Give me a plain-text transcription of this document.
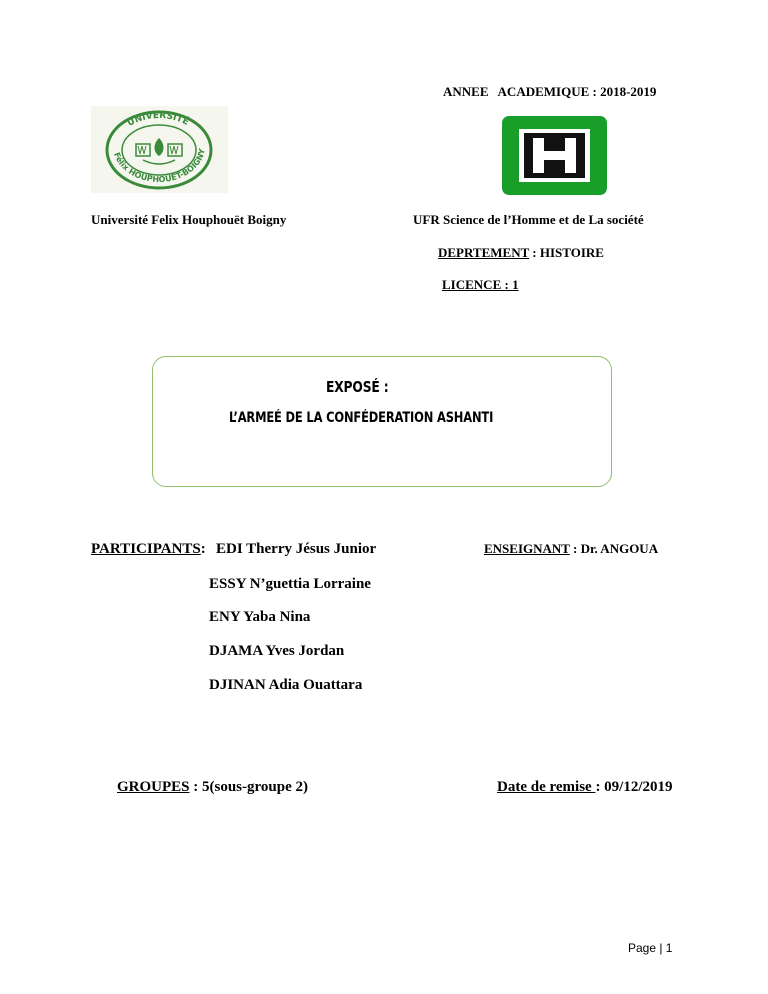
ANNEE   ACADEMIQUE : 2018-2019
UNIVERSITÉ
Félix HOUPHOUËT-BOIGNY
Université Felix Houphouët Boigny	UFR Science de l’Homme et de La société
DEPRTEMENT : HISTOIRE
LICENCE : 1
EXPOSÉ :
L’ARMEÉ DE LA CONFÉDERATION ASHANTI
PARTICIPANTS: EDI Therry Jésus Junior
ESSY N’guettia Lorraine
ENY Yaba Nina
DJAMA Yves Jordan
DJINAN Adia Ouattara
ENSEIGNANT : Dr. ANGOUA
GROUPES : 5(sous-groupe 2)	Date de remise : 09/12/2019
Page | 1
